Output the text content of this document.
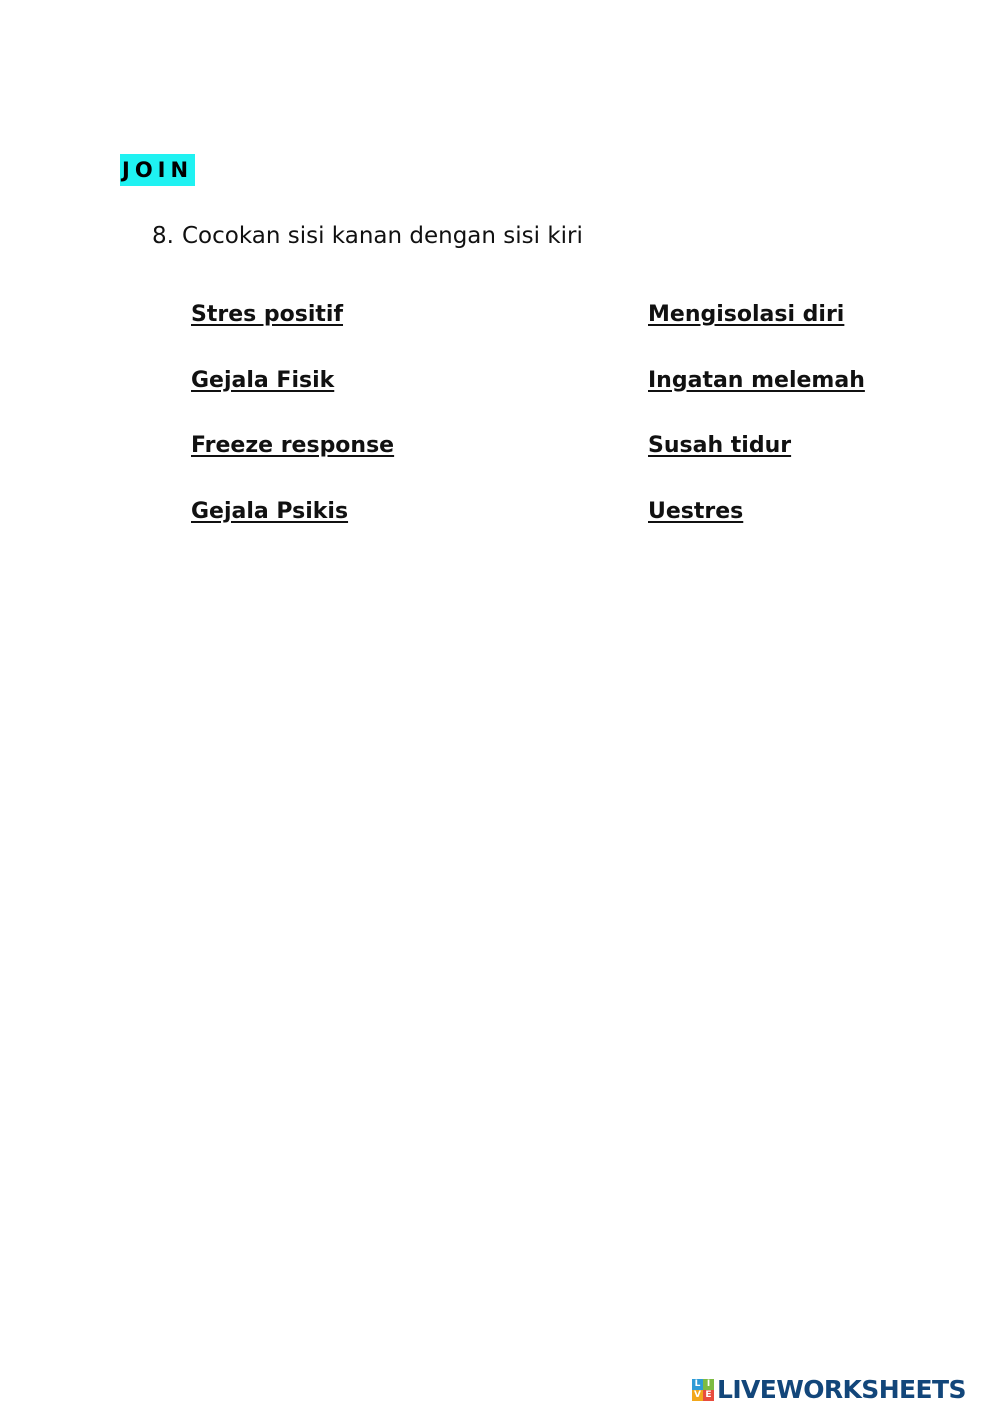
JOIN
8. Cocokan sisi kanan dengan sisi kiri
Stres positif
Gejala Fisik
Freeze response
Gejala Psikis
Mengisolasi diri
Ingatan melemah
Susah tidur
Uestres
L I
V E LIVEWORKSHEETS
